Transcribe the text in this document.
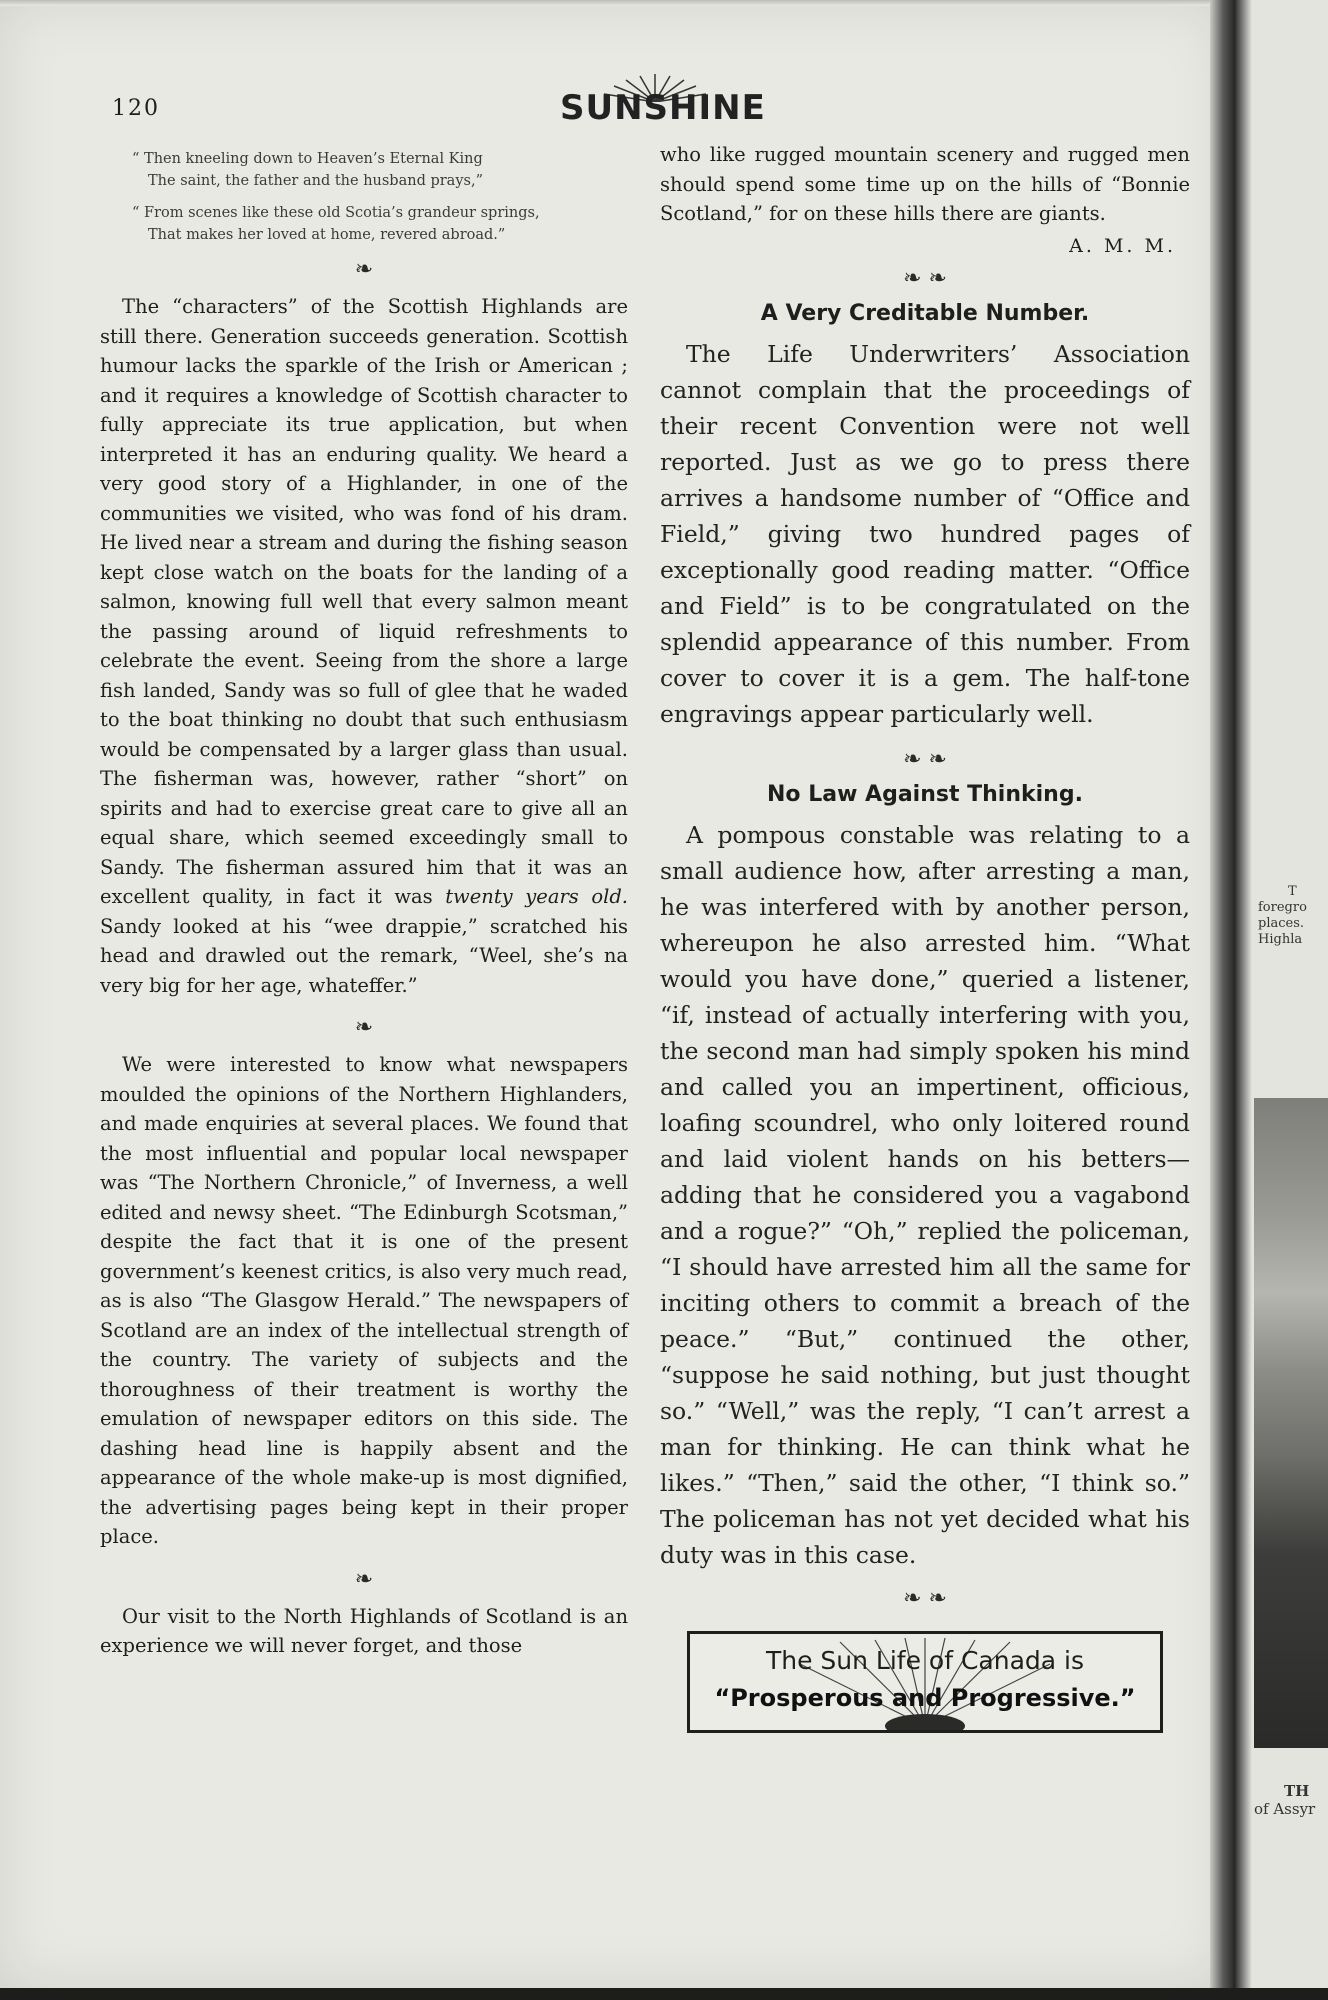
120	SUNSHINE

“ Then kneeling down to Heaven’s Eternal King
The saint, the father and the husband prays,”

“ From scenes like these old Scotia’s grandeur springs,
That makes her loved at home, revered abroad.”

❧

The “characters” of the Scottish Highlands are still there. Generation succeeds generation. Scottish humour lacks the sparkle of the Irish or American ; and it requires a knowledge of Scottish character to fully appreciate its true application, but when interpreted it has an enduring quality. We heard a very good story of a Highlander, in one of the communities we visited, who was fond of his dram. He lived near a stream and during the fishing season kept close watch on the boats for the landing of a salmon, knowing full well that every salmon meant the passing around of liquid refreshments to celebrate the event. Seeing from the shore a large fish landed, Sandy was so full of glee that he waded to the boat thinking no doubt that such enthusiasm would be compensated by a larger glass than usual. The fisherman was, however, rather “short” on spirits and had to exercise great care to give all an equal share, which seemed exceedingly small to Sandy. The fisherman assured him that it was an excellent quality, in fact it was twenty years old. Sandy looked at his “wee drappie,” scratched his head and drawled out the remark, “Weel, she’s na very big for her age, whateffer.”

❧

We were interested to know what newspapers moulded the opinions of the Northern Highlanders, and made enquiries at several places. We found that the most influential and popular local newspaper was “The Northern Chronicle,” of Inverness, a well edited and newsy sheet. “The Edinburgh Scotsman,” despite the fact that it is one of the present government’s keenest critics, is also very much read, as is also “The Glasgow Herald.” The newspapers of Scotland are an index of the intellectual strength of the country. The variety of subjects and the thoroughness of their treatment is worthy the emulation of newspaper editors on this side. The dashing head line is happily absent and the appearance of the whole make-up is most dignified, the advertising pages being kept in their proper place.

❧

Our visit to the North Highlands of Scotland is an experience we will never forget, and those

who like rugged mountain scenery and rugged men should spend some time up on the hills of “Bonnie Scotland,” for on these hills there are giants.

A. M. M.
❧ ❧
A Very Creditable Number.

The Life Underwriters’ Association cannot complain that the proceedings of their recent Convention were not well reported. Just as we go to press there arrives a handsome number of “Office and Field,” giving two hundred pages of exceptionally good reading matter. “Office and Field” is to be congratulated on the splendid appearance of this number. From cover to cover it is a gem. The half-tone engravings appear particularly well.

❧ ❧
No Law Against Thinking.

A pompous constable was relating to a small audience how, after arresting a man, he was interfered with by another person, whereupon he also arrested him. “What would you have done,” queried a listener, “if, instead of actually interfering with you, the second man had simply spoken his mind and called you an impertinent, officious, loafing scoundrel, who only loitered round and laid violent hands on his betters—adding that he considered you a vagabond and a rogue?” “Oh,” replied the policeman, “I should have arrested him all the same for inciting others to commit a breach of the peace.” “But,” continued the other, “suppose he said nothing, but just thought so.” “Well,” was the reply, “I can’t arrest a man for thinking. He can think what he likes.” “Then,” said the other, “I think so.” The policeman has not yet decided what his duty was in this case.

❧ ❧
The Sun Life of Canada is
“Prosperous and Progressive.”
T
foregro
places.
Highla
TH
of Assyr
